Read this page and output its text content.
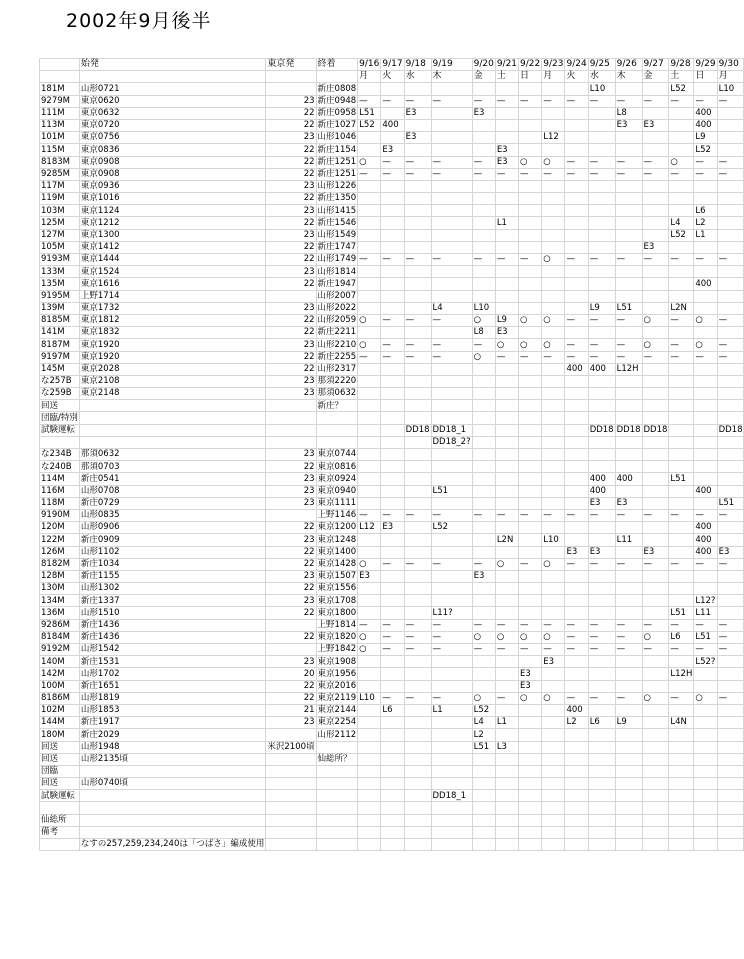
2002年9月後半
	始発	東京発	終着	9/16	9/17	9/18	9/19	9/20	9/21	9/22	9/23	9/24	9/25	9/26	9/27	9/28	9/29	9/30
				月	火	水	木	金	土	日	月	火	水	木	金	土	日	月
181M	山形0721		新庄0808										L10			L52		L10
9279M	東京0620	23	新庄0948	—	—	—	—	—	—	—	—	—	—	—	—	—	—	—
111M	東京0632	22	新庄0958	L51		E3		E3						L8			400	
113M	東京0720	22	新庄1027	L52	400									E3	E3		400	
101M	東京0756	23	山形1046			E3					L12						L9	
115M	東京0836	22	新庄1154		E3				E3								L52	
8183M	東京0908	22	新庄1251	○	—	—	—	—	E3	○	○	—	—	—	—	○	—	—
9285M	東京0908	22	新庄1251	—	—	—	—	—	—	—	—	—	—	—	—	—	—	—
117M	東京0936	23	山形1226															
119M	東京1016	22	新庄1350															
103M	東京1124	23	山形1415														L6	
125M	東京1212	22	新庄1546						L1							L4	L2	
127M	東京1300	23	山形1549													L52	L1	
105M	東京1412	22	新庄1747												E3			
9193M	東京1444	22	山形1749	—	—	—	—	—	—	—	○	—	—	—	—	—	—	—
133M	東京1524	23	山形1814															
135M	東京1616	22	新庄1947														400	
9195M	上野1714		山形2007															
139M	東京1732	23	山形2022				L4	L10					L9	L51		L2N		
8185M	東京1812	22	山形2059	○	—	—	—	○	L9	○	○	—	—	—	○	—	○	—
141M	東京1832	22	新庄2211					L8	E3									
8187M	東京1920	23	山形2210	○	—	—	—	—	○	○	○	—	—	—	○	—	○	—
9197M	東京1920	22	新庄2255	—	—	—	—	○	—	—	—	—	—	—	—	—	—	—
145M	東京2028	22	山形2317									400	400	L12H				
な257B	東京2108	23	那須2220															
な259B	東京2148	23	那須0632															
回送			新庄？															
団臨/特別																		
試験運転						DD18	DD18_1						DD18	DD18	DD18			DD18
							DD18_2?											
な234B	那須0632	23	東京0744															
な240B	那須0703	22	東京0816															
114M	新庄0541	23	東京0924										400	400		L51		
116M	山形0708	23	東京0940				L51						400				400	
118M	新庄0729	23	東京1111										E3	E3				L51
9190M	山形0835		上野1146	—	—	—	—	—	—	—	—	—	—	—	—	—	—	—
120M	山形0906	22	東京1200	L12	E3		L52										400	
122M	新庄0909	23	東京1248						L2N		L10			L11			400	
126M	山形1102	22	東京1400									E3	E3		E3		400	E3
8182M	新庄1034	22	東京1428	○	—	—	—	—	○	—	○	—	—	—	—	—	—	—
128M	新庄1155	23	東京1507	E3				E3										
130M	山形1302	22	東京1556															
134M	新庄1337	23	東京1708														L12?	
136M	山形1510	22	東京1800				L11?									L51	L11	
9286M	新庄1436		上野1814	—	—	—	—	—	—	—	—	—	—	—	—	—	—	—
8184M	新庄1436	22	東京1820	○	—	—	—	○	○	○	○	—	—	—	○	L6	L51	—
9192M	山形1542		上野1842	○	—	—	—	—	—	—	—	—	—	—	—	—	—	—
140M	新庄1531	23	東京1908								E3						L52?	
142M	山形1702	20	東京1956							E3						L12H		
100M	新庄1651	22	東京2016							E3								
8186M	山形1819	22	東京2119	L10	—	—	—	○	—	○	○	—	—	—	○	—	○	—
102M	山形1853	21	東京2144		L6		L1	L52				400						
144M	新庄1917	23	東京2254					L4	L1			L2	L6	L9		L4N		
180M	新庄2029		山形2112					L2										
回送	山形1948	米沢2100頃						L51	L3									
回送	山形2135頃		仙総所？															
団臨																		
回送	山形0740頃																	
試験運転							DD18_1											

仙総所																		
備考																		
	なすの257,259,234,240は「つばさ」編成使用																	
